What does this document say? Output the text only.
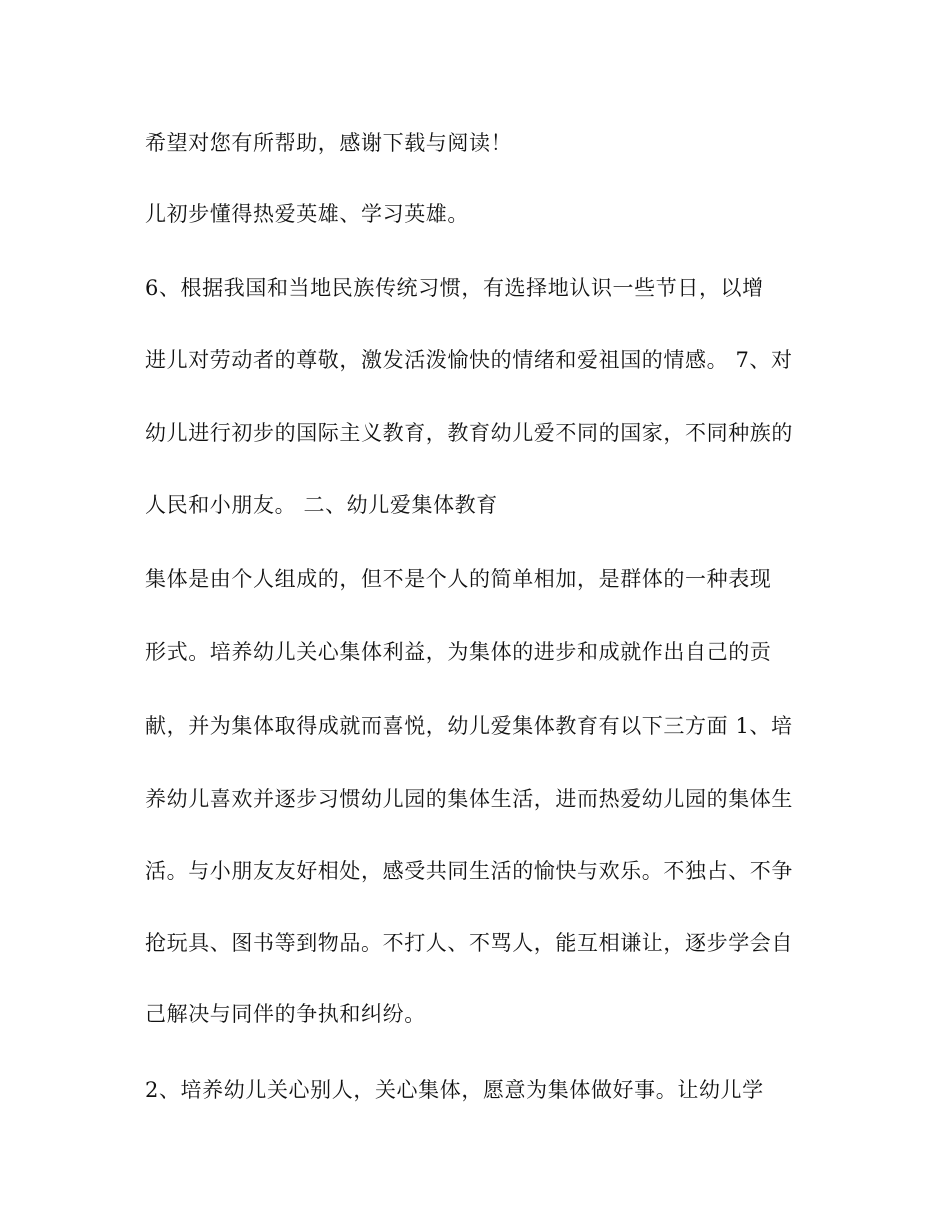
希望对您有所帮助，感谢下载与阅读！

儿初步懂得热爱英雄、学习英雄。

6、根据我国和当地民族传统习惯，有选择地认识一些节日，以增

进儿对劳动者的尊敬，激发活泼愉快的情绪和爱祖国的情感。 7、对

幼儿进行初步的国际主义教育，教育幼儿爱不同的国家，不同种族的

人民和小朋友。 二、幼儿爱集体教育

集体是由个人组成的，但不是个人的简单相加，是群体的一种表现

形式。培养幼儿关心集体利益，为集体的进步和成就作出自己的贡

献，并为集体取得成就而喜悦，幼儿爱集体教育有以下三方面 1、培

养幼儿喜欢并逐步习惯幼儿园的集体生活，进而热爱幼儿园的集体生

活。与小朋友友好相处，感受共同生活的愉快与欢乐。不独占、不争

抢玩具、图书等到物品。不打人、不骂人，能互相谦让，逐步学会自

己解决与同伴的争执和纠纷。

2、培养幼儿关心别人，关心集体，愿意为集体做好事。让幼儿学
